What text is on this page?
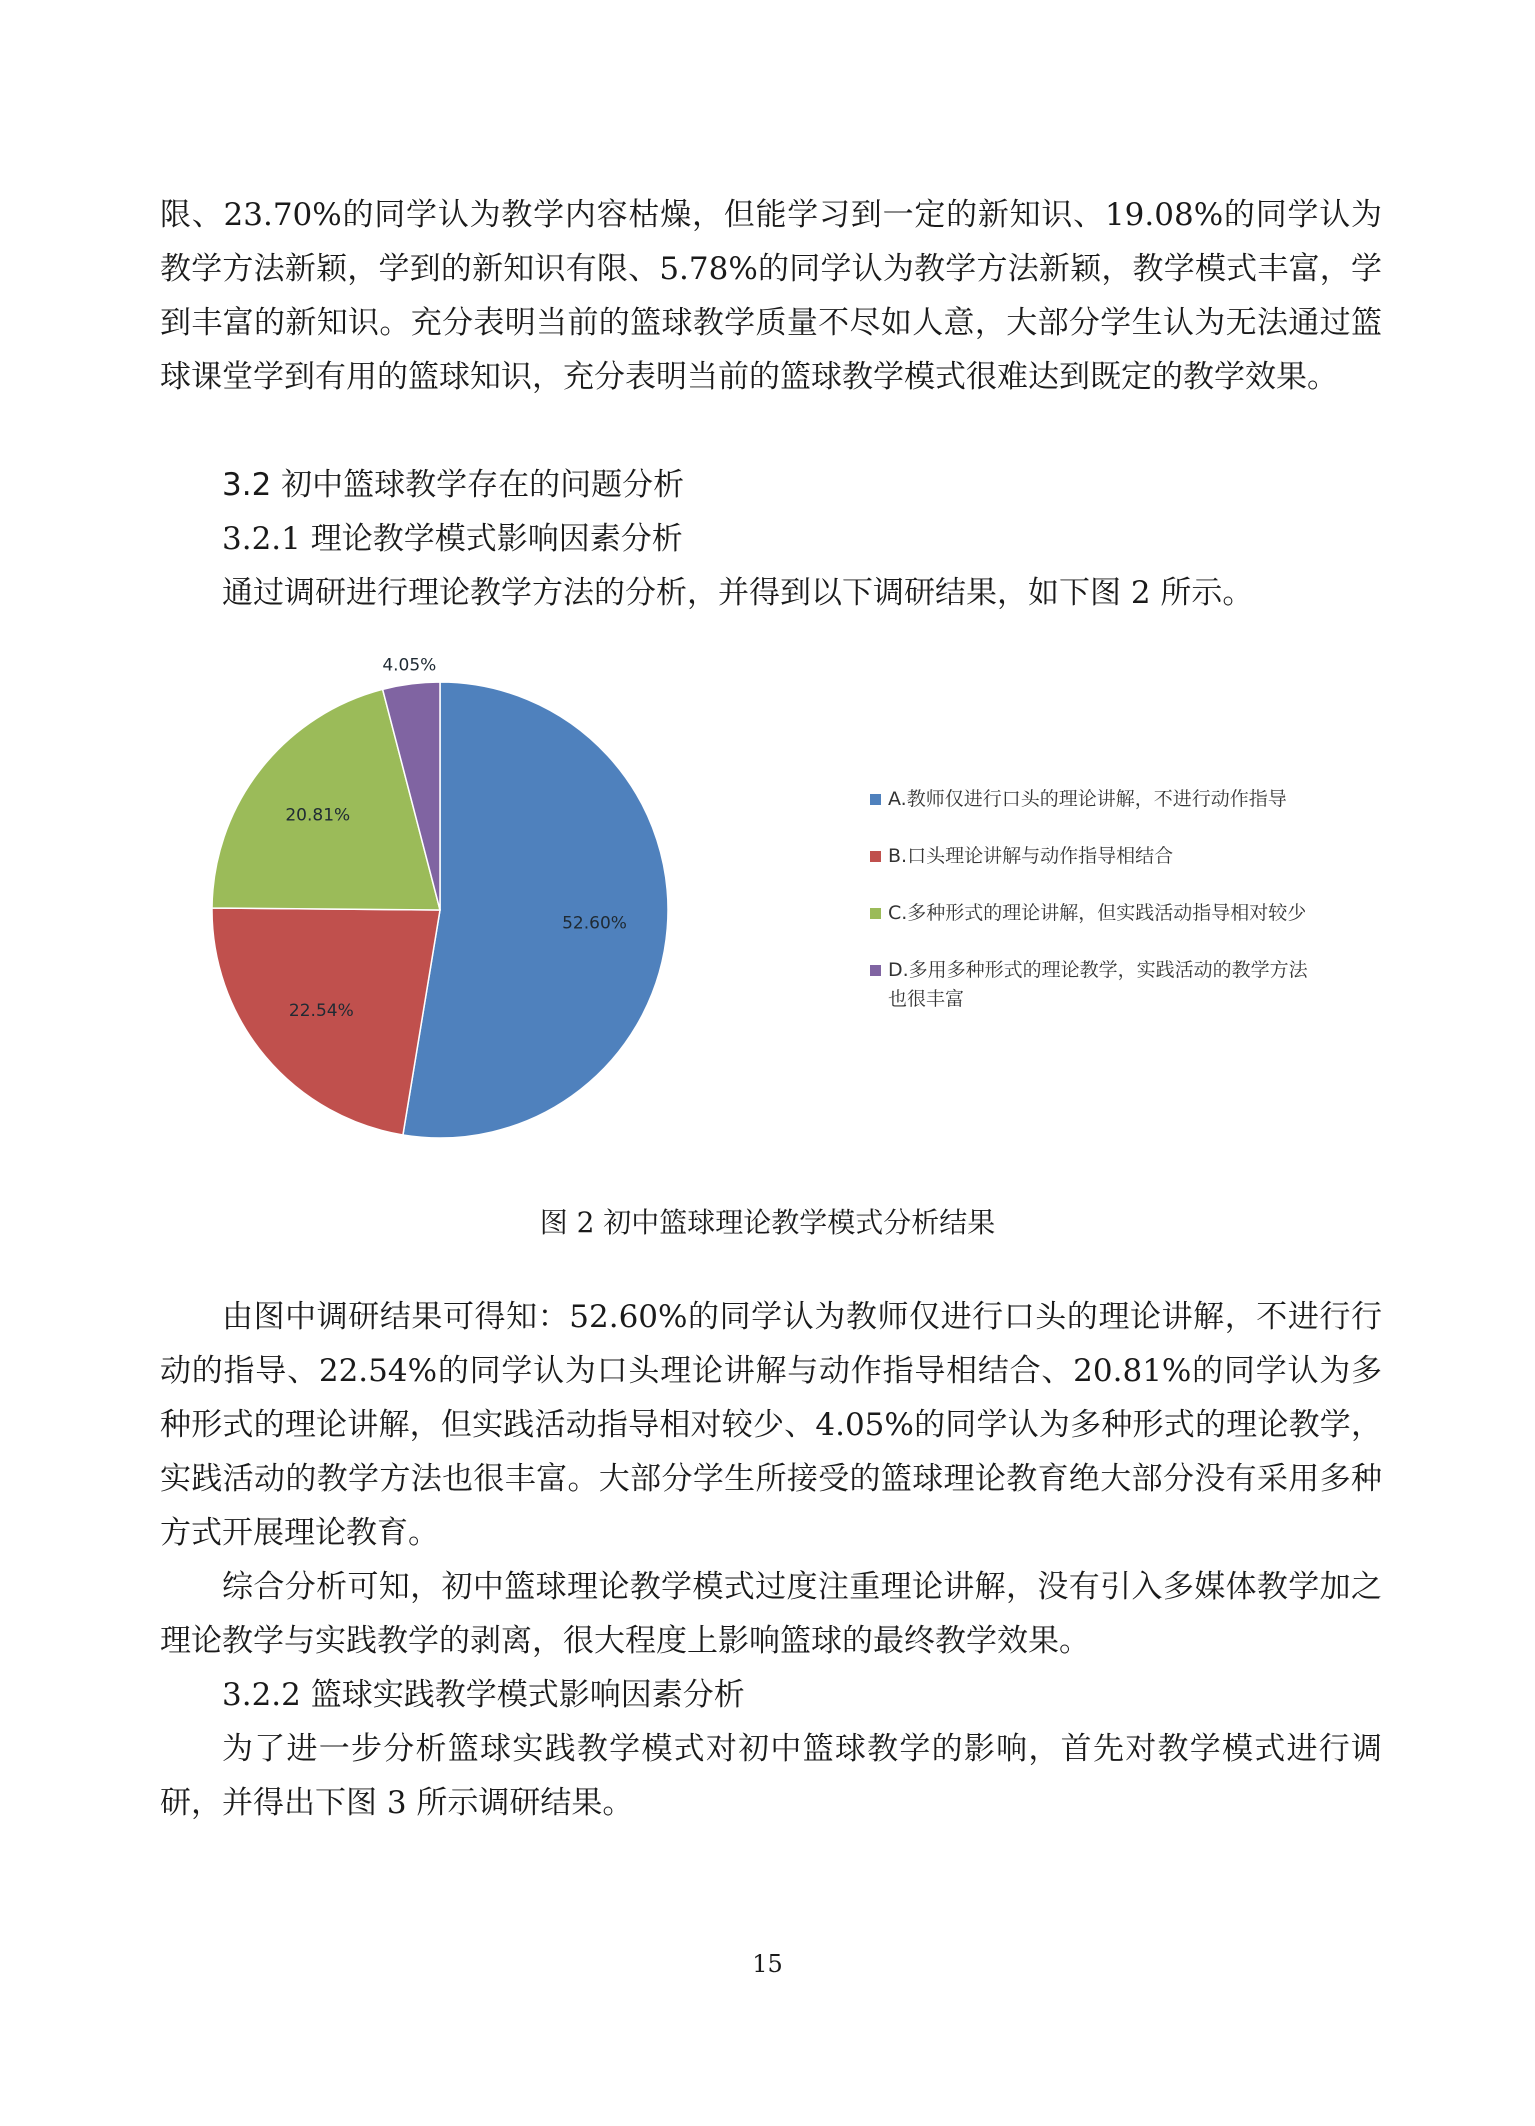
限、23.70%的同学认为教学内容枯燥，但能学习到一定的新知识、19.08%的同学认为教学方法新颖，学到的新知识有限、5.78%的同学认为教学方法新颖，教学模式丰富，学到丰富的新知识。充分表明当前的篮球教学质量不尽如人意，大部分学生认为无法通过篮球课堂学到有用的篮球知识，充分表明当前的篮球教学模式很难达到既定的教学效果。

3.2 初中篮球教学存在的问题分析

3.2.1 理论教学模式影响因素分析

通过调研进行理论教学方法的分析，并得到以下调研结果，如下图 2 所示。

52.60%
22.54%
20.81%
4.05%
A.教师仅进行口头的理论讲解，不进行动作指导
B.口头理论讲解与动作指导相结合
C.多种形式的理论讲解，但实践活动指导相对较少
D.多用多种形式的理论教学，实践活动的教学方法也很丰富
图 2 初中篮球理论教学模式分析结果

由图中调研结果可得知：52.60%的同学认为教师仅进行口头的理论讲解，不进行行动的指导、22.54%的同学认为口头理论讲解与动作指导相结合、20.81%的同学认为多种形式的理论讲解，但实践活动指导相对较少、4.05%的同学认为多种形式的理论教学，实践活动的教学方法也很丰富。大部分学生所接受的篮球理论教育绝大部分没有采用多种方式开展理论教育。

综合分析可知，初中篮球理论教学模式过度注重理论讲解，没有引入多媒体教学加之理论教学与实践教学的剥离，很大程度上影响篮球的最终教学效果。

3.2.2 篮球实践教学模式影响因素分析

为了进一步分析篮球实践教学模式对初中篮球教学的影响，首先对教学模式进行调研，并得出下图 3 所示调研结果。

15
